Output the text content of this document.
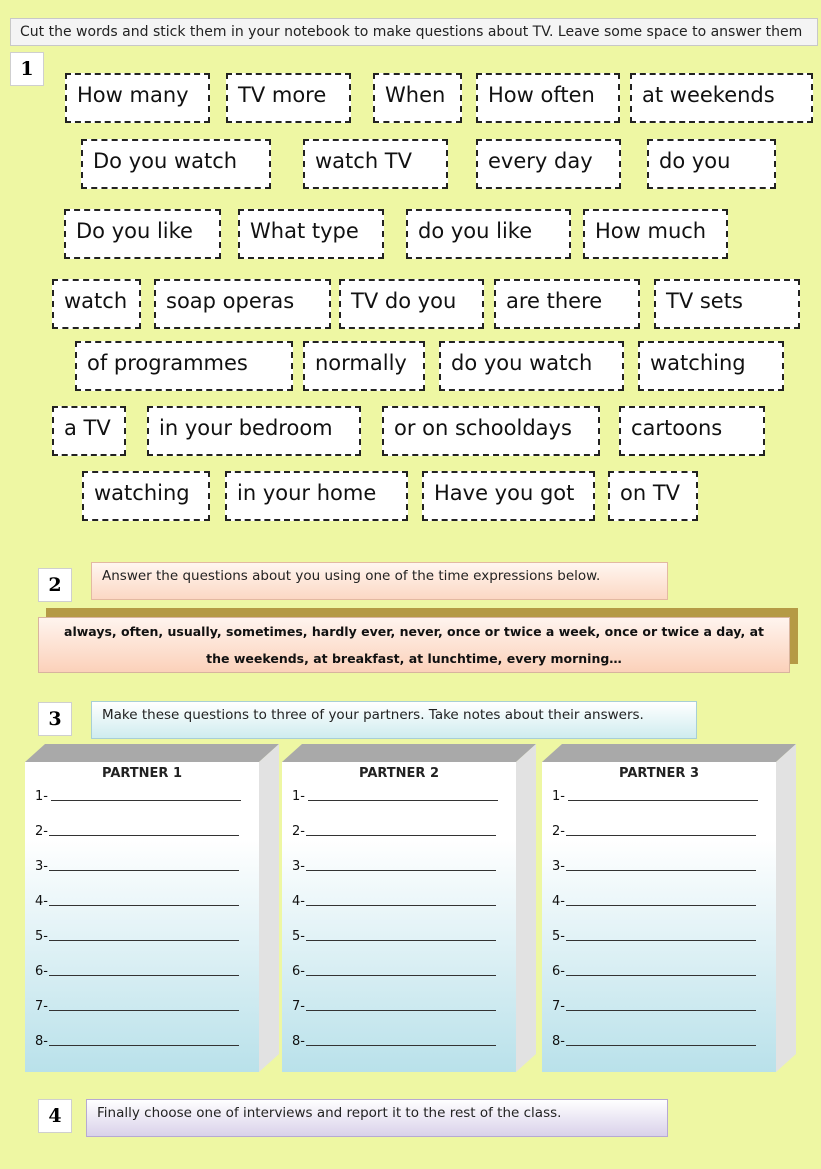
Cut the words and stick them in your notebook to make questions about TV. Leave some space to answer them
1
How many	TV more	When	How often	at weekends
Do you watch	watch TV	every day	do you
Do you like	What type	do you like	How much
watch	soap operas	TV do you	are there	TV sets
of programmes	normally	do you watch	watching
a TV	in your bedroom	or on schooldays	cartoons
watching	in your home	Have you got	on TV
2	Answer the questions about you using one of the time expressions below.
always, often, usually, sometimes, hardly ever, never, once or twice a week, once or twice a day, at
the weekends, at breakfast, at lunchtime, every morning…
3	Make these questions to three of your partners. Take notes about their answers.
PARTNER 1
1-
2-
3-
4-
5-
6-
7-
8-
PARTNER 2
1-
2-
3-
4-
5-
6-
7-
8-
PARTNER 3
1-
2-
3-
4-
5-
6-
7-
8-
4	Finally choose one of interviews and report it to the rest of the class.
